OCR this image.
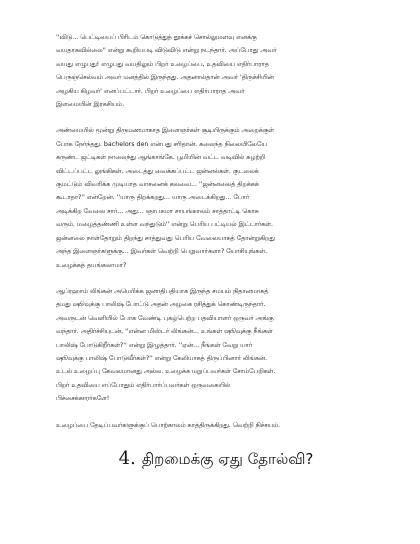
''விடு... பெட்டியைப் பிரிடம் கொடுத்துத் தூக்கச் சொல்லுமளவு எனக்கு
வயதாகவில்லை'' என்று கூறியபடி விடுவிடு என்று நடந்தார். அப்போது அவர்
வயது எழுபது! எழுபது வயதிலும் பிறர் உழைப்பை, உதவியை எதிர்பாராத
பெருஞ்செல்வம் அவர் மனத்தில் இருந்தது. அதனால்தான் அவர் 'திருச்சியின்
அழகிய கிழவர்' எனப்பட்டார். பிறர் உழைப்பை எதிர்பாராத அவர்
இளமையின் இரகசியம்.

அண்மையில் மூன்று திருமணமாகாத இளைஞர்கள் சூடியிருக்கும் அறைக்குள்
போக நேர்ந்தது. bachelors den என்பது சரிதான். கலைந்த நிலையிலேயே
கருண்ட ஜட்டிகள் நாலைந்து ஆங்காங்கே. பூமியின் வட்ட வடிவில் சுழற்றி
விட்டப்பட்ட லுங்கிகள். அடைத்து வைக்கப்பட்ட ஜன்னல்கள். குடலைக்
குமட்டும் விவரிக்க முடியாத வாசனைக் கலவை... ''ஜன்னலைத் திறக்கக்
கூடாதா?'' என்றேன். ''யாரு திறக்கறது... யாரு அடைக்கிறது... போர்
அடிக்கிற வேலை சார்... அது... ஞாபகமா சாயங்காலம் சாத்தாட்டி கொசு
வரும். மழைத்தண்ணி உள்ள வந்துடும்'' என்று பெரிய பட்டியல் இட்டார்கள்.
ஜன்னலை நாள்தோறும் திறந்து சாத்துவது பெரிய வேலையாகத் தோன்றுகிறது
அந்த இளைஞர்களுக்கு... இவர்கள் வெற்றி பெறுவார்களா? யோசியுங்கள்.
உழைக்கத் தயங்கலாமா?

ஆப்ரஹாம் லிங்கன் அமெரிக்க ஜனாதிபதியாக இருந்த சமயம் நிதானமாகத்
தமது ஷூவுக்கு பாலிஷ் போட்டு அதன் அழகை ரசித்துக் கொண்டிருந்தார்.
அவருடன் வெளியில் போக வேண்டி புகழ்பெற்ற பதவியாளர் ஒருவர் அங்கு
வந்தார். அதிர்ச்சியுடன், ''என்ன மிஸ்டர் லிங்கன்... உங்கள் ஷூவுக்கு நீங்கள்
பாலிஷ் போடுகிறீர்கள்?'' என்று இழுத்தார். ''ஏன்... நீங்கள் வேறு யார்
ஷூவுக்கு பாலிஷ் போடுவீர்கள்?'' என்று கேலியாகத் திருப்பினார் லிங்கன்.
உடல் உழைப்பு கேவலமானது அல்ல. உழைக்க மறுப்பவர்கள் சோம்பேறிகள்.
பிறர் உதவியை எப்போதும் எதிர்பார்ப்பவர்கள் ஒருவகையில்
பிச்சைக்காரர்களே!

உழைப்பை தேடிப்பவர்களுக்குப் பொற்காலம் காத்திருக்கிறது. வெற்றி நிச்சயம்.

4. திறமைக்கு ஏது தோல்வி?
